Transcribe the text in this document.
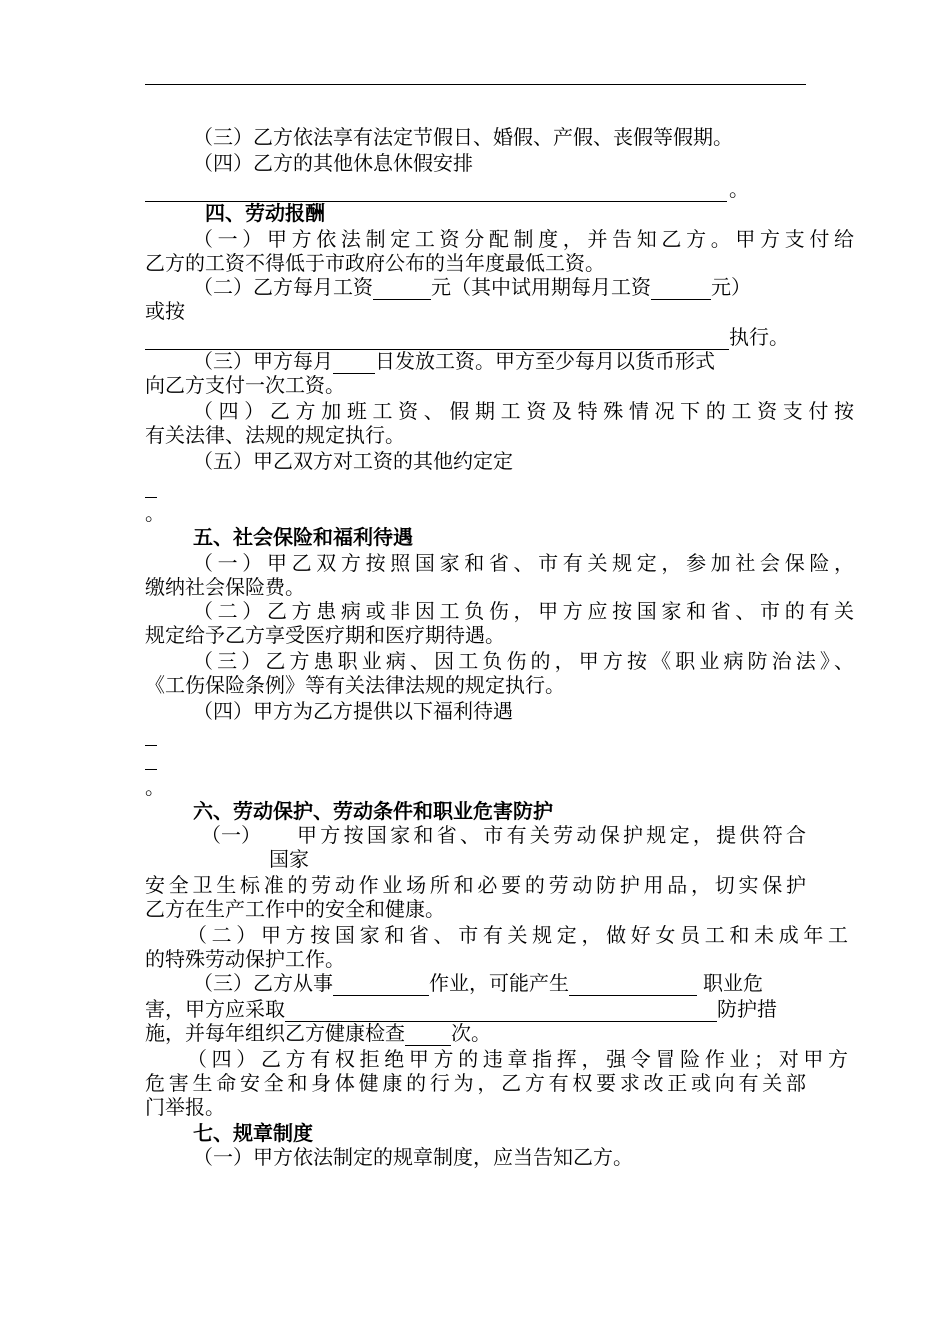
（三）乙方依法享有法定节假日、婚假、产假、丧假等假期。
（四）乙方的其他休息休假安排
。
四、劳动报酬
（一）甲方依法制定工资分配制度，并告知乙方。甲方支付给
乙方的工资不得低于市政府公布的当年度最低工资。
（二）乙方每月工资	元（其中试用期每月工资	元）
或按
执行。
（三）甲方每月 日发放工资。甲方至少每月以货币形式
向乙方支付一次工资。
（四）乙方加班工资、假期工资及特殊情况下的工资支付按
有关法律、法规的规定执行。
（五）甲乙双方对工资的其他约定定
。
五、社会保险和福利待遇
（一）甲乙双方按照国家和省、市有关规定，参加社会保险，
缴纳社会保险费。
（二）乙方患病或非因工负伤，甲方应按国家和省、市的有关
规定给予乙方享受医疗期和医疗期待遇。
（三）乙方患职业病、因工负伤的，甲方按《职业病防治法》、
《工伤保险条例》等有关法律法规的规定执行。
（四）甲方为乙方提供以下福利待遇
。
六、劳动保护、劳动条件和职业危害防护
（一） 甲方按国家和省、市有关劳动保护规定，提供符合
国家
安全卫生标准的劳动作业场所和必要的劳动防护用品，切实保护
乙方在生产工作中的安全和健康。
（二）甲方按国家和省、市有关规定，做好女员工和未成年工
的特殊劳动保护工作。
（三）乙方从事	作业，可能产生	职业危
害，甲方应采取	防护措
施，并每年组织乙方健康检查 次。
（四）乙方有权拒绝甲方的违章指挥，强令冒险作业；对甲方
危害生命安全和身体健康的行为，乙方有权要求改正或向有关部
门举报。
七、规章制度
（一）甲方依法制定的规章制度，应当告知乙方。
